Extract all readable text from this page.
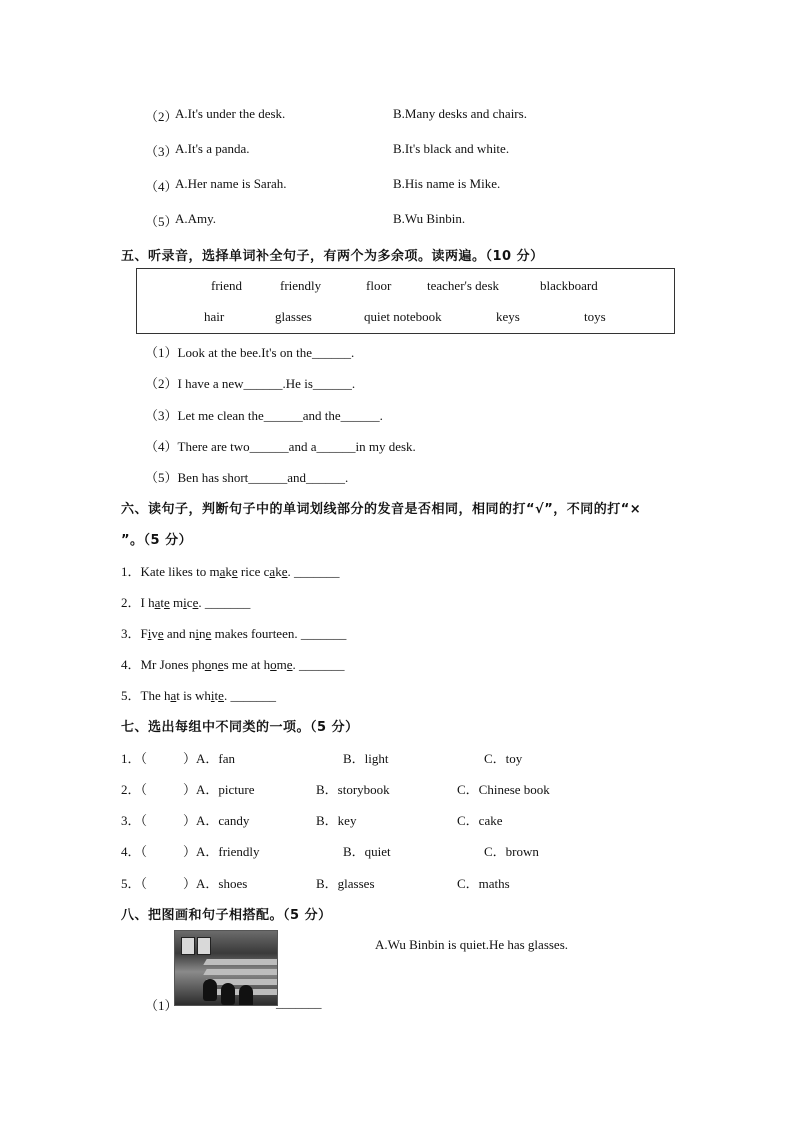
（2）
A.It's under the desk.	B.Many desks and chairs.
（3）
A.It's a panda.	B.It's black and white.
（4）
A.Her name is Sarah.	B.His name is Mike.
（5）
A.Amy.	B.Wu Binbin.
五、听录音，选择单词补全句子，有两个为多余项。读两遍。（10 分）
friend	friendly	floor	teacher's desk	blackboard
hair	glasses	quiet notebook	keys	toys
（1）Look at the bee.It's on the______.
（2）I have a new______.He is______.
（3）Let me clean the______and the______.
（4）There are two______and a______in my desk.
（5）Ben has short______and______.
六、读句子，判断句子中的单词划线部分的发音是否相同，相同的打“√”，不同的打“×
”。（5 分）
1．Kate likes to make rice cake. _______
2．I hate mice. _______
3．Five and nine makes fourteen. _______
4．Mr Jones phones me at home. _______
5．The hat is white. _______
七、选出每组中不同类的一项。（5 分）
1．（	）A．fan	B．light	C．toy
2．（	）A．picture	B．storybook	C．Chinese book
3．（	）A．candy	B．key	C．cake
4．（	）A．friendly	B．quiet	C．brown
5．（	）A．shoes	B．glasses	C．maths
八、把图画和句子相搭配。（5 分）
A.Wu Binbin is quiet.He has glasses.
（1）	_______
